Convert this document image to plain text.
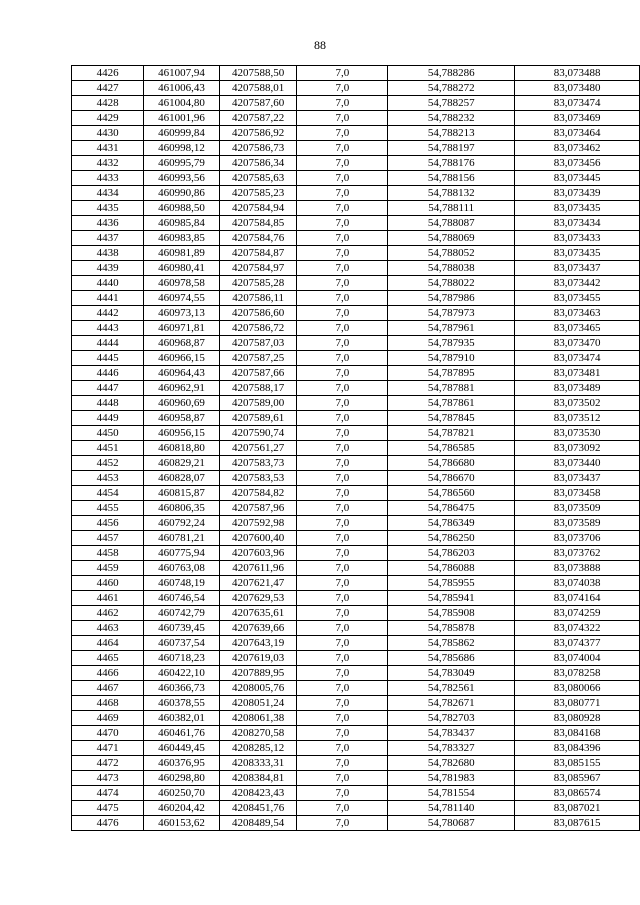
88
4426	461007,94	4207588,50	7,0	54,788286	83,073488
4427	461006,43	4207588,01	7,0	54,788272	83,073480
4428	461004,80	4207587,60	7,0	54,788257	83,073474
4429	461001,96	4207587,22	7,0	54,788232	83,073469
4430	460999,84	4207586,92	7,0	54,788213	83,073464
4431	460998,12	4207586,73	7,0	54,788197	83,073462
4432	460995,79	4207586,34	7,0	54,788176	83,073456
4433	460993,56	4207585,63	7,0	54,788156	83,073445
4434	460990,86	4207585,23	7,0	54,788132	83,073439
4435	460988,50	4207584,94	7,0	54,788111	83,073435
4436	460985,84	4207584,85	7,0	54,788087	83,073434
4437	460983,85	4207584,76	7,0	54,788069	83,073433
4438	460981,89	4207584,87	7,0	54,788052	83,073435
4439	460980,41	4207584,97	7,0	54,788038	83,073437
4440	460978,58	4207585,28	7,0	54,788022	83,073442
4441	460974,55	4207586,11	7,0	54,787986	83,073455
4442	460973,13	4207586,60	7,0	54,787973	83,073463
4443	460971,81	4207586,72	7,0	54,787961	83,073465
4444	460968,87	4207587,03	7,0	54,787935	83,073470
4445	460966,15	4207587,25	7,0	54,787910	83,073474
4446	460964,43	4207587,66	7,0	54,787895	83,073481
4447	460962,91	4207588,17	7,0	54,787881	83,073489
4448	460960,69	4207589,00	7,0	54,787861	83,073502
4449	460958,87	4207589,61	7,0	54,787845	83,073512
4450	460956,15	4207590,74	7,0	54,787821	83,073530
4451	460818,80	4207561,27	7,0	54,786585	83,073092
4452	460829,21	4207583,73	7,0	54,786680	83,073440
4453	460828,07	4207583,53	7,0	54,786670	83,073437
4454	460815,87	4207584,82	7,0	54,786560	83,073458
4455	460806,35	4207587,96	7,0	54,786475	83,073509
4456	460792,24	4207592,98	7,0	54,786349	83,073589
4457	460781,21	4207600,40	7,0	54,786250	83,073706
4458	460775,94	4207603,96	7,0	54,786203	83,073762
4459	460763,08	4207611,96	7,0	54,786088	83,073888
4460	460748,19	4207621,47	7,0	54,785955	83,074038
4461	460746,54	4207629,53	7,0	54,785941	83,074164
4462	460742,79	4207635,61	7,0	54,785908	83,074259
4463	460739,45	4207639,66	7,0	54,785878	83,074322
4464	460737,54	4207643,19	7,0	54,785862	83,074377
4465	460718,23	4207619,03	7,0	54,785686	83,074004
4466	460422,10	4207889,95	7,0	54,783049	83,078258
4467	460366,73	4208005,76	7,0	54,782561	83,080066
4468	460378,55	4208051,24	7,0	54,782671	83,080771
4469	460382,01	4208061,38	7,0	54,782703	83,080928
4470	460461,76	4208270,58	7,0	54,783437	83,084168
4471	460449,45	4208285,12	7,0	54,783327	83,084396
4472	460376,95	4208333,31	7,0	54,782680	83,085155
4473	460298,80	4208384,81	7,0	54,781983	83,085967
4474	460250,70	4208423,43	7,0	54,781554	83,086574
4475	460204,42	4208451,76	7,0	54,781140	83,087021
4476	460153,62	4208489,54	7,0	54,780687	83,087615
